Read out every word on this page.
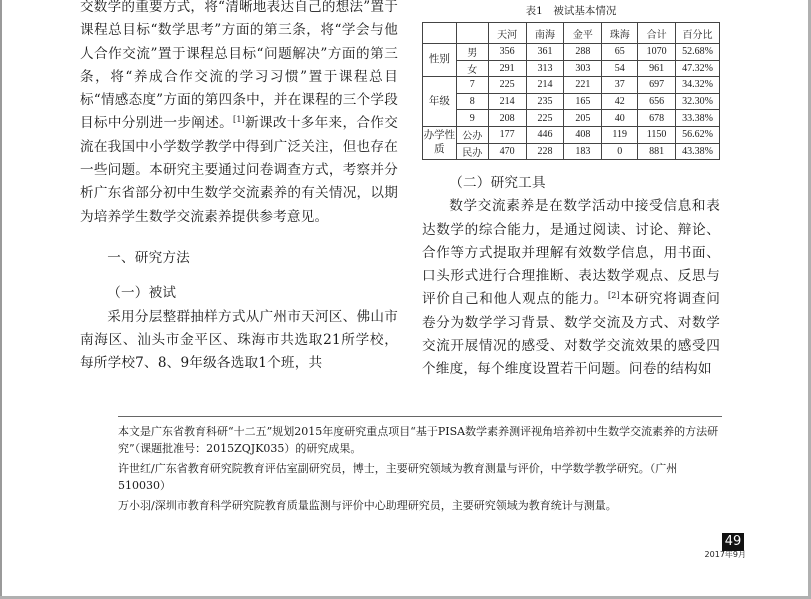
交数学的重要方式，将“清晰地表达自己的想法”置于课程总目标“数学思考”方面的第三条，将“学会与他人合作交流”置于课程总目标“问题解决”方面的第三条，将“养成合作交流的学习习惯”置于课程总目标“情感态度”方面的第四条中，并在课程的三个学段目标中分别进一步阐述。[1]新课改十多年来，合作交流在我国中小学数学教学中得到广泛关注，但也存在一些问题。本研究主要通过问卷调查方式，考察并分析广东省部分初中生数学交流素养的有关情况，以期为培养学生数学交流素养提供参考意见。

一、研究方法

（一）被试

采用分层整群抽样方式从广州市天河区、佛山市南海区、汕头市金平区、珠海市共选取21所学校，每所学校7、8、9年级各选取1个班，共

表1　被试基本情况
		天河	南海	金平	珠海	合计	百分比
性别	男	356	361	288	65	1070	52.68%
	女	291	313	303	54	961	47.32%
年级	7	225	214	221	37	697	34.32%
	8	214	235	165	42	656	32.30%
	9	208	225	205	40	678	33.38%
办学性质	公办	177	446	408	119	1150	56.62%
	民办	470	228	183	0	881	43.38%

（二）研究工具

数学交流素养是在数学活动中接受信息和表达数学的综合能力，是通过阅读、讨论、辩论、合作等方式提取并理解有效数学信息，用书面、口头形式进行合理推断、表达数学观点、反思与评价自己和他人观点的能力。[2]本研究将调查问卷分为数学学习背景、数学交流及方式、对数学交流开展情况的感受、对数学交流效果的感受四个维度，每个维度设置若干问题。问卷的结构如

本文是广东省教育科研“十二五”规划2015年度研究重点项目“基于PISA数学素养测评视角培养初中生数学交流素养的方法研究”（课题批准号：2015ZQJK035）的研究成果。

许世红/广东省教育研究院教育评估室副研究员，博士，主要研究领域为教育测量与评价，中学数学教学研究。（广州　510030）

万小羽/深圳市教育科学研究院教育质量监测与评价中心助理研究员，主要研究领域为教育统计与测量。

49
2017年9月
